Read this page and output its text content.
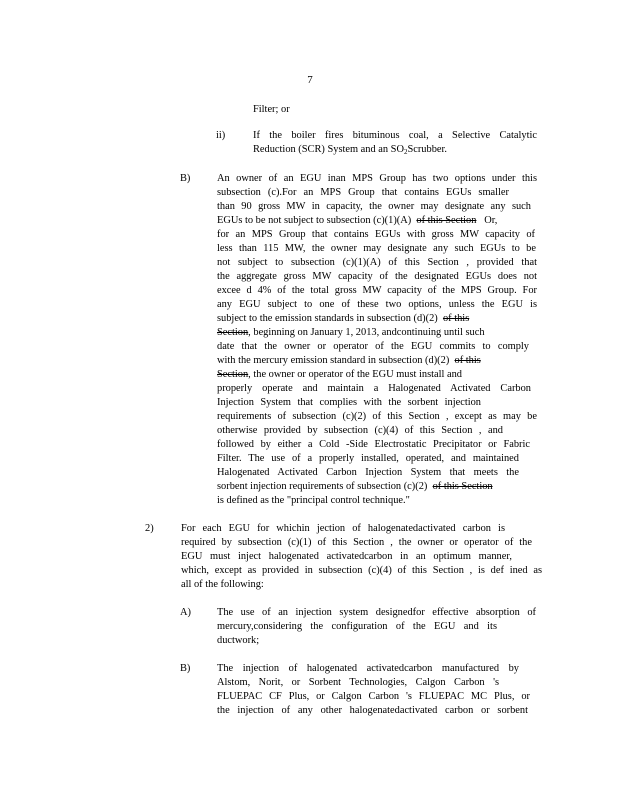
7
Filter; or
ii)	If the boiler fires bituminous coal, a Selective Catalytic
Reduction (SCR) System and an $SO_2Scrubber$.
B)	An owner of an EGU inan MPS Group has two options under this
subsection (c).For an MPS Group that contains EGUs smaller
than 90 gross MW in capacity, the owner may designate any such
EGUs to be not subject to subsection (c)(1)(A) of this Section Or,
for an MPS Group that contains EGUs with gross MW capacity of
less than 115 MW, the owner may designate any such EGUs to be
not subject to subsection (c)(1)(A) of this Section , provided that
the aggregate gross MW capacity of the designated EGUs does not
excee d 4% of the total gross MW capacity of the MPS Group. For
any EGU subject to one of these two options, unless the EGU is
subject to the emission standards in subsection (d)(2) of this
Section, beginning on January 1, 2013, andcontinuing until such
date that the owner or operator of the EGU commits to comply
with the mercury emission standard in subsection (d)(2) of this
Section, the owner or operator of the EGU must install and
properly operate and maintain a Halogenated Activated Carbon
Injection System that complies with the sorbent injection
requirements of subsection (c)(2) of this Section , except as may be
otherwise provided by subsection (c)(4) of this Section , and
followed by either a Cold -Side Electrostatic Precipitator or Fabric
Filter. The use of a properly installed, operated, and maintained
Halogenated Activated Carbon Injection System that meets the
sorbent injection requirements of subsection (c)(2) of this Section
is defined as the "principal control technique."
2)	For each EGU for whichin jection of halogenatedactivated carbon is
required by subsection (c)(1) of this Section , the owner or operator of the
EGU must inject halogenated activatedcarbon in an optimum manner,
which, except as provided in subsection (c)(4) of this Section , is def ined as
all of the following:
A)	The use of an injection system designedfor effective absorption of
mercury,considering the configuration of the EGU and its
ductwork;
B)	The injection of halogenated activatedcarbon manufactured by
Alstom, Norit, or Sorbent Technologies, Calgon Carbon 's
FLUEPAC CF Plus, or Calgon Carbon 's FLUEPAC MC Plus, or
the injection of any other halogenatedactivated carbon or sorbent
